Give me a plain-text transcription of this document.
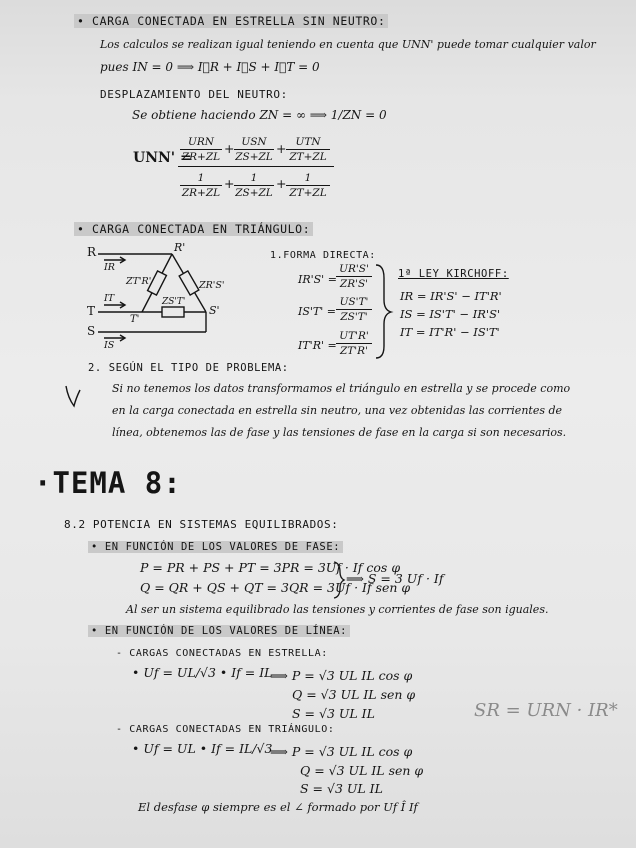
• CARGA CONECTADA EN ESTRELLA SIN NEUTRO:
Los calculos se realizan igual teniendo en cuenta que UNN' puede tomar cualquier valor
pues IN = 0 ⟹ I⃗R + I⃗S + I⃗T = 0
DESPLAZAMIENTO DEL NEUTRO:
Se obtiene haciendo ZN = ∞ ⟹ 1/ZN = 0
UNN' =
URN
ZR+ZL
+ USN
ZS+ZL
+ UTN
ZT+ZL
$\frac{1}{ZR+ZL} + \frac{1}{ZS+ZL} + \frac{1}{ZT+ZL}$
• CARGA CONECTADA EN TRIÁNGULO:
R
T
S
R'
S'
T'
IR
IT
IS
ZT'R'	ZR'S'
ZS'T'
1.FORMA DIRECTA:
$IR'S' = \frac{UR'S'}{ZR'S'}$
$IS'T' = \frac{US'T'}{ZS'T'}$
$IT'R' = \frac{UT'R'}{ZT'R'}$
1ª LEY KIRCHOFF:
IR = IR'S' − IT'R'
IS = IS'T' − IR'S'
IT = IT'R' − IS'T'
2. SEGÚN EL TIPO DE PROBLEMA:
Si no tenemos los datos transformamos el triángulo en estrella y se procede como
en la carga conectada en estrella sin neutro, una vez obtenidas las corrientes de
línea, obtenemos las de fase y las tensiones de fase en la carga si son necesarios.
·TEMA 8:
8.2 POTENCIA EN SISTEMAS EQUILIBRADOS:
• EN FUNCIÓN DE LOS VALORES DE FASE:
P = PR + PS + PT = 3PR = 3Uf · If cos φ
Q = QR + QS + QT = 3QR = 3Uf · If sen φ
⟹ S = 3 Uf · If
Al ser un sistema equilibrado las tensiones y corrientes de fase son iguales.
• EN FUNCIÓN DE LOS VALORES DE LÍNEA:
- CARGAS CONECTADAS EN ESTRELLA:
• Uf = UL/√3 • If = IL
⟹ P = √3 UL IL cos φ
Q = √3 UL IL sen φ
S = √3 UL IL	SR = URN · IR*
- CARGAS CONECTADAS EN TRIÁNGULO:
• Uf = UL • If = IL/√3
⟹ P = √3 UL IL cos φ
Q = √3 UL IL sen φ
S = √3 UL IL
El desfase φ siempre es el ∠ formado por Uf Î If
